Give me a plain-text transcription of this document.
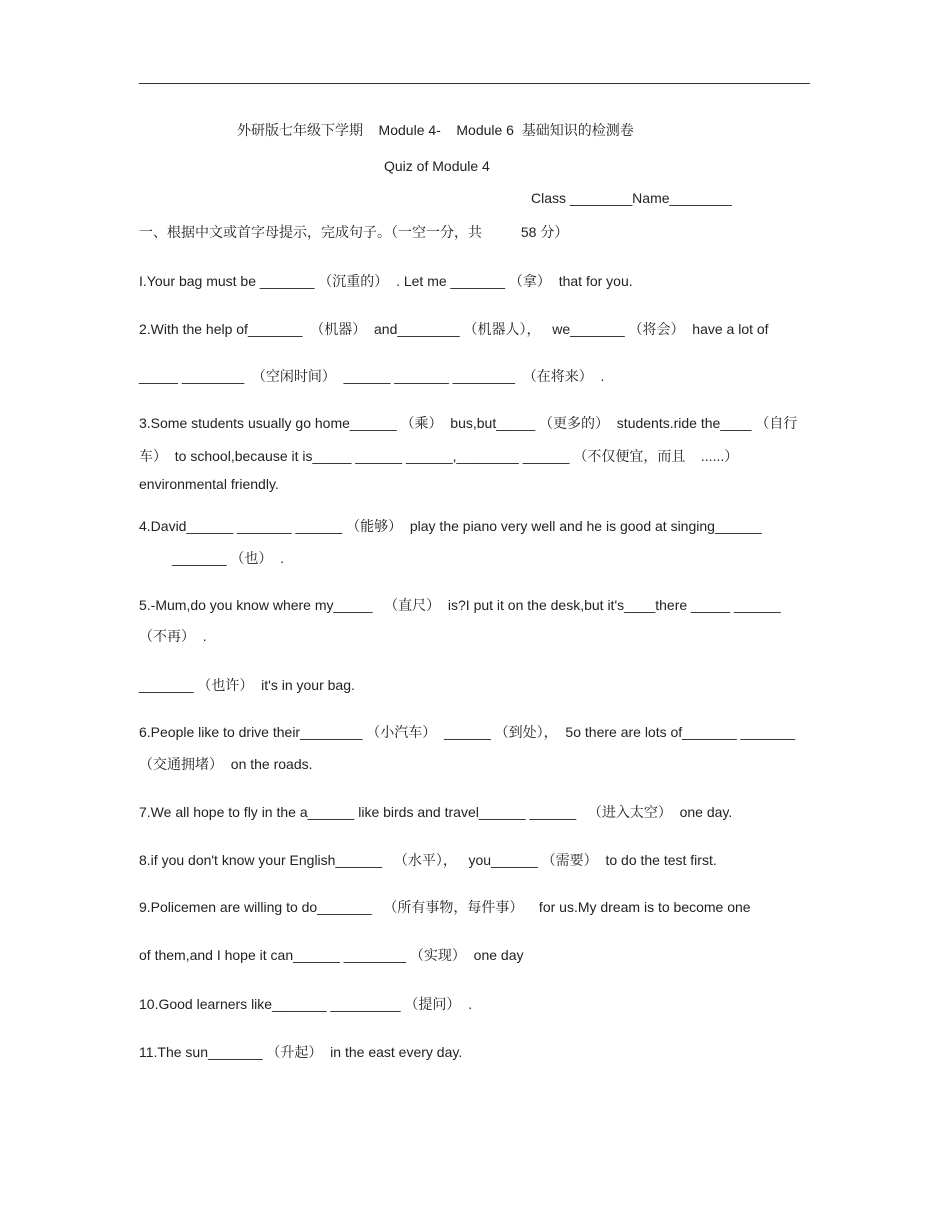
外研版七年级下学期    Module 4-    Module 6  基础知识的检测卷
Quiz of Module 4
Class ________Name________
一、根据中文或首字母提示，完成句子。（一空一分，共          58 分）
I.Your bag must be _______ （沉重的）  . Let me _______ （拿）  that for you.
2.With the help of_______  （机器）  and________ （机器人），   we_______ （将会）  have a lot of
_____ ________  （空闲时间）  ______ _______ ________  （在将来）  .
3.Some students usually go home______ （乘）  bus,but_____ （更多的）  students.ride the____ （自行
车）  to school,because it is_____ ______ ______,________ ______ （不仅便宜，而且    ......）
environmental friendly.
4.David______ _______ ______ （能够）  play the piano very well and he is good at singing______
_______ （也）  .
5.-Mum,do you know where my_____   （直尺）  is?I put it on the desk,but it's____there _____ ______
（不再）  .
_______ （也许）  it's in your bag.
6.People like to drive their________ （小汽车）  ______ （到处），  5o there are lots of_______ _______
（交通拥堵）  on the roads.
7.We all hope to fly in the a______ like birds and travel______ ______   （进入太空）  one day.
8.if you don't know your English______   （水平），   you______ （需要）  to do the test first.
9.Policemen are willing to do_______   （所有事物，每件事）    for us.My dream is to become one
of them,and I hope it can______ ________ （实现）  one day
10.Good learners like_______ _________ （提问）  .
11.The sun_______ （升起）  in the east every day.
